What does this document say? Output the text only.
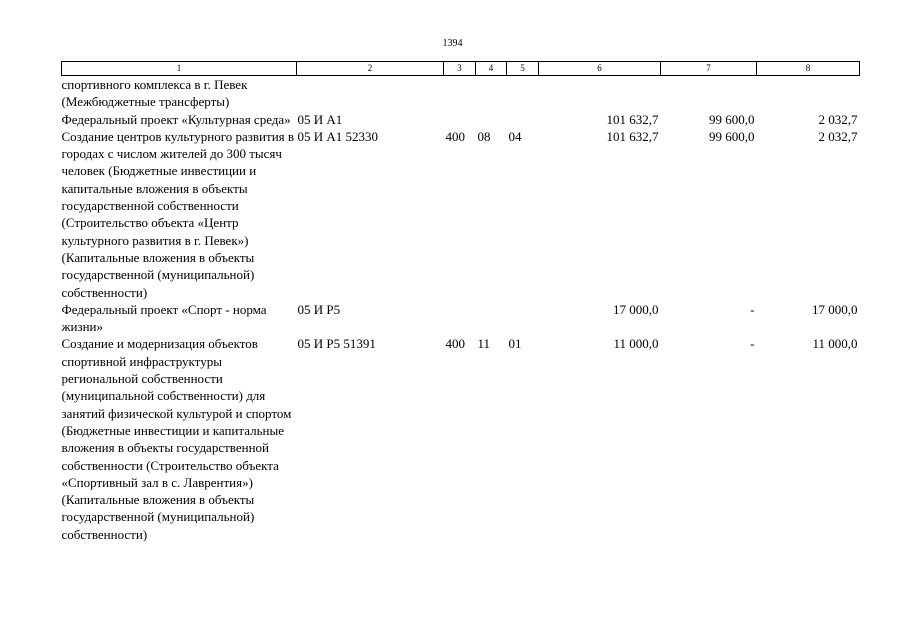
1394
1	2	3	4	5	6	7	8
спортивного комплекса в г. Певек (Межбюджетные трансферты)							
Федеральный проект «Культурная среда»	05 И А1				101 632,7	99 600,0	2 032,7
Создание центров культурного развития в городах с числом жителей до 300 тысяч человек (Бюджетные инвестиции и капитальные вложения в объекты государственной собственности (Строительство объекта «Центр культурного развития в г. Певек») (Капитальные вложения в объекты государственной (муниципальной) собственности)	05 И А1 52330	400	08	04	101 632,7	99 600,0	2 032,7
Федеральный проект «Спорт - норма жизни»	05 И Р5				17 000,0	-	17 000,0
Создание и модернизация объектов спортивной инфраструктуры региональной собственности (муниципальной собственности) для занятий физической культурой и спортом (Бюджетные инвестиции и капитальные вложения в объекты государственной собственности (Строительство объекта «Спортивный зал в с. Лаврентия») (Капитальные вложения в объекты государственной (муниципальной) собственности)	05 И Р5 51391	400	11	01	11 000,0	-	11 000,0
